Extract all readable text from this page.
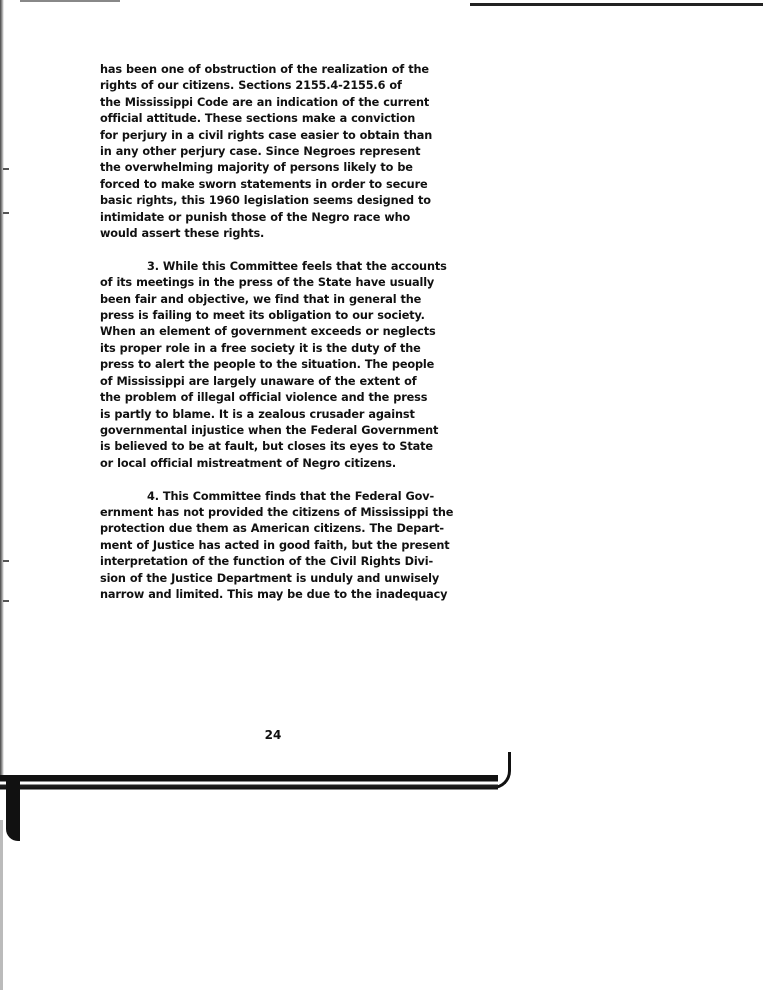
has been one of obstruction of the realization of the
rights of our citizens. Sections 2155.4-2155.6 of
the Mississippi Code are an indication of the current
official attitude. These sections make a conviction
for perjury in a civil rights case easier to obtain than
in any other perjury case. Since Negroes represent
the overwhelming majority of persons likely to be
forced to make sworn statements in order to secure
basic rights, this 1960 legislation seems designed to
intimidate or punish those of the Negro race who
would assert these rights.
3. While this Committee feels that the accounts
of its meetings in the press of the State have usually
been fair and objective, we find that in general the
press is failing to meet its obligation to our society.
When an element of government exceeds or neglects
its proper role in a free society it is the duty of the
press to alert the people to the situation. The people
of Mississippi are largely unaware of the extent of
the problem of illegal official violence and the press
is partly to blame. It is a zealous crusader against
governmental injustice when the Federal Government
is believed to be at fault, but closes its eyes to State
or local official mistreatment of Negro citizens.
4. This Committee finds that the Federal Gov-
ernment has not provided the citizens of Mississippi the
protection due them as American citizens. The Depart-
ment of Justice has acted in good faith, but the present
interpretation of the function of the Civil Rights Divi-
sion of the Justice Department is unduly and unwisely
narrow and limited. This may be due to the inadequacy
24
